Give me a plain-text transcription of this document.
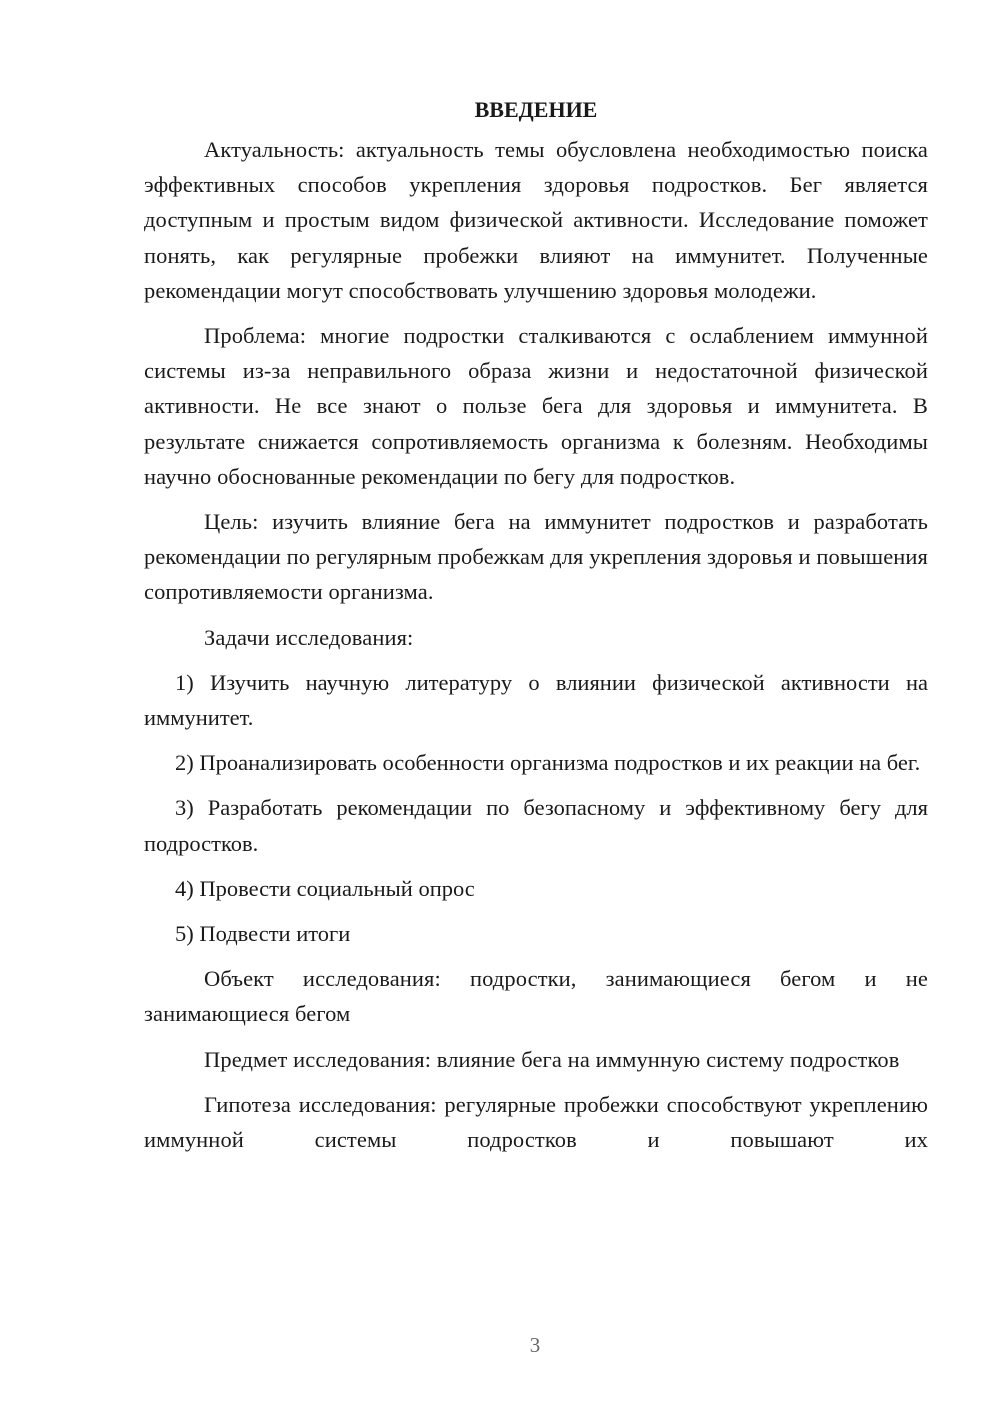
ВВЕДЕНИЕ

Актуальность: актуальность темы обусловлена необходимостью поиска эффективных способов укрепления здоровья подростков. Бег является доступным и простым видом физической активности. Исследование поможет понять, как регулярные пробежки влияют на иммунитет. Полученные рекомендации могут способствовать улучшению здоровья молодежи.

Проблема: многие подростки сталкиваются с ослаблением иммунной системы из-за неправильного образа жизни и недостаточной физической активности. Не все знают о пользе бега для здоровья и иммунитета. В результате снижается сопротивляемость организма к болезням. Необходимы научно обоснованные рекомендации по бегу для подростков.

Цель: изучить влияние бега на иммунитет подростков и разработать рекомендации по регулярным пробежкам для укрепления здоровья и повышения сопротивляемости организма.

Задачи исследования:

1) Изучить научную литературу о влиянии физической активности на иммунитет.

2) Проанализировать особенности организма подростков и их реакции на бег.

3) Разработать рекомендации по безопасному и эффективному бегу для подростков.

4) Провести социальный опрос

5) Подвести итоги

Объект исследования: подростки, занимающиеся бегом и не занимающиеся бегом

Предмет исследования: влияние бега на иммунную систему подростков

Гипотеза исследования: регулярные пробежки способствуют укреплению иммунной системы подростков и повышают их

3
